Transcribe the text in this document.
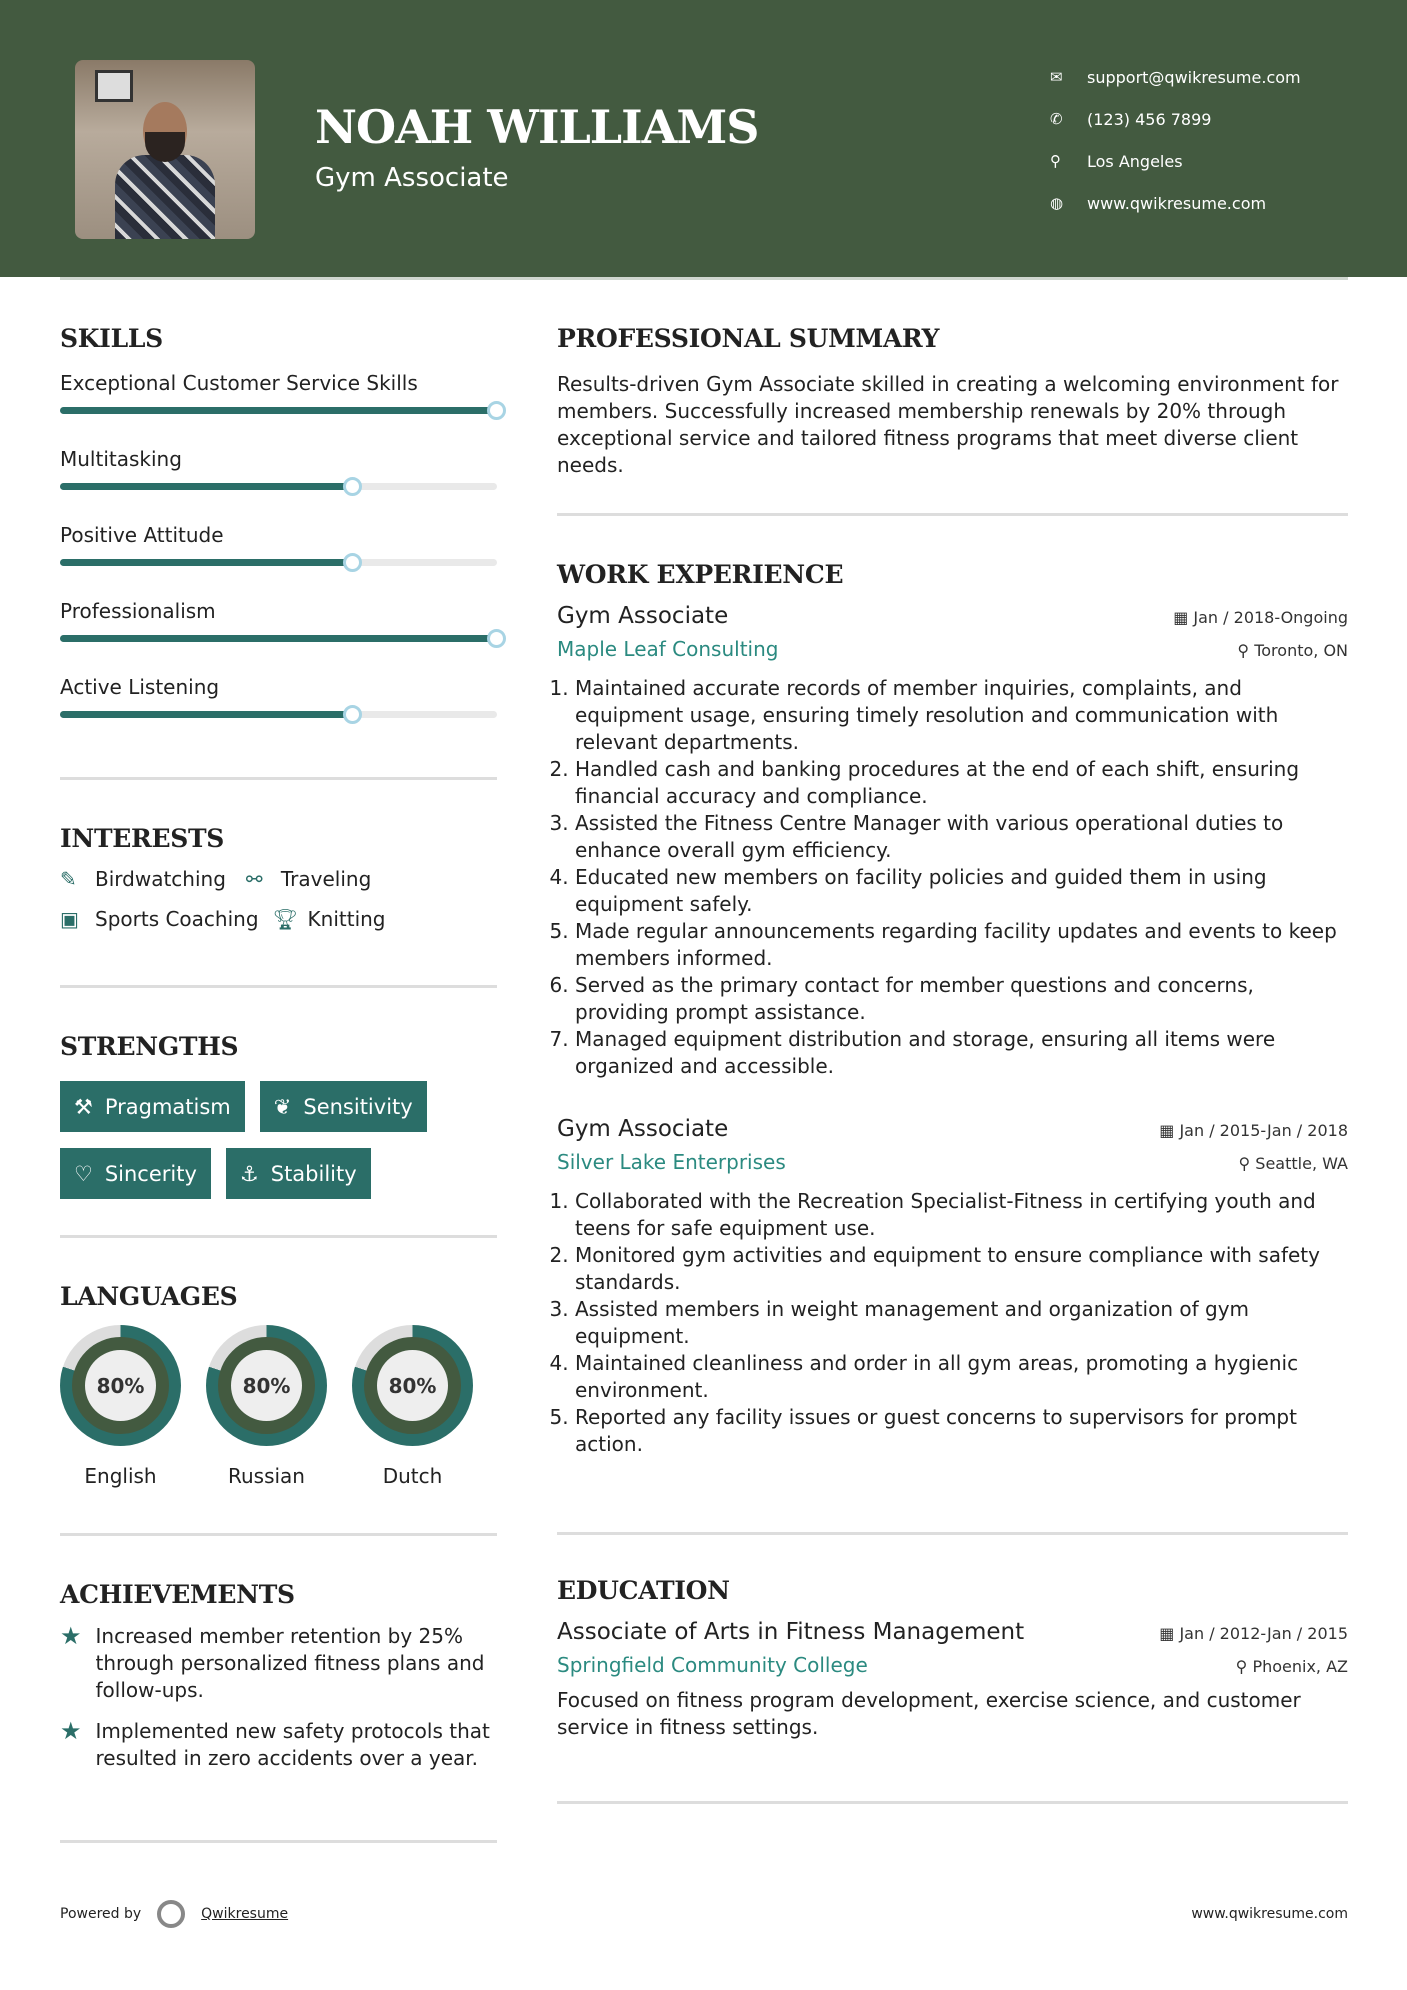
NOAH WILLIAMS
Gym Associate
✉	support@qwikresume.com
✆	(123) 456 7899
⚲	Los Angeles
◍	www.qwikresume.com
SKILLS
Exceptional Customer Service Skills
Multitasking
Positive Attitude
Professionalism
Active Listening
INTERESTS
✎ Birdwatching ⚯ Traveling
▣ Sports Coaching 🏆︎ Knitting
STRENGTHS
⚒ Pragmatism ❦ Sensitivity
♡ Sincerity ⚓ Stability
LANGUAGES
80%
English
80%
Russian
80%
Dutch
ACHIEVEMENTS
★ Increased member retention by 25% through personalized fitness plans and follow-ups.
★ Implemented new safety protocols that resulted in zero accidents over a year.
PROFESSIONAL SUMMARY

Results-driven Gym Associate skilled in creating a welcoming environment for members. Successfully increased membership renewals by 20% through exceptional service and tailored fitness programs that meet diverse client needs.

WORK EXPERIENCE
Gym Associate	▦ Jan / 2018-Ongoing
Maple Leaf Consulting	⚲ Toronto, ON
1. Maintained accurate records of member inquiries, complaints, and equipment usage, ensuring timely resolution and communication with relevant departments.
2. Handled cash and banking procedures at the end of each shift, ensuring financial accuracy and compliance.
3. Assisted the Fitness Centre Manager with various operational duties to enhance overall gym efficiency.
4. Educated new members on facility policies and guided them in using equipment safely.
5. Made regular announcements regarding facility updates and events to keep members informed.
6. Served as the primary contact for member questions and concerns, providing prompt assistance.
7. Managed equipment distribution and storage, ensuring all items were organized and accessible.
Gym Associate	▦ Jan / 2015-Jan / 2018
Silver Lake Enterprises	⚲ Seattle, WA
1. Collaborated with the Recreation Specialist-Fitness in certifying youth and teens for safe equipment use.
2. Monitored gym activities and equipment to ensure compliance with safety standards.
3. Assisted members in weight management and organization of gym equipment.
4. Maintained cleanliness and order in all gym areas, promoting a hygienic environment.
5. Reported any facility issues or guest concerns to supervisors for prompt action.
EDUCATION
Associate of Arts in Fitness Management	▦ Jan / 2012-Jan / 2015
Springfield Community College	⚲ Phoenix, AZ

Focused on fitness program development, exercise science, and customer service in fitness settings.

Powered by	Qwikresume	www.qwikresume.com
